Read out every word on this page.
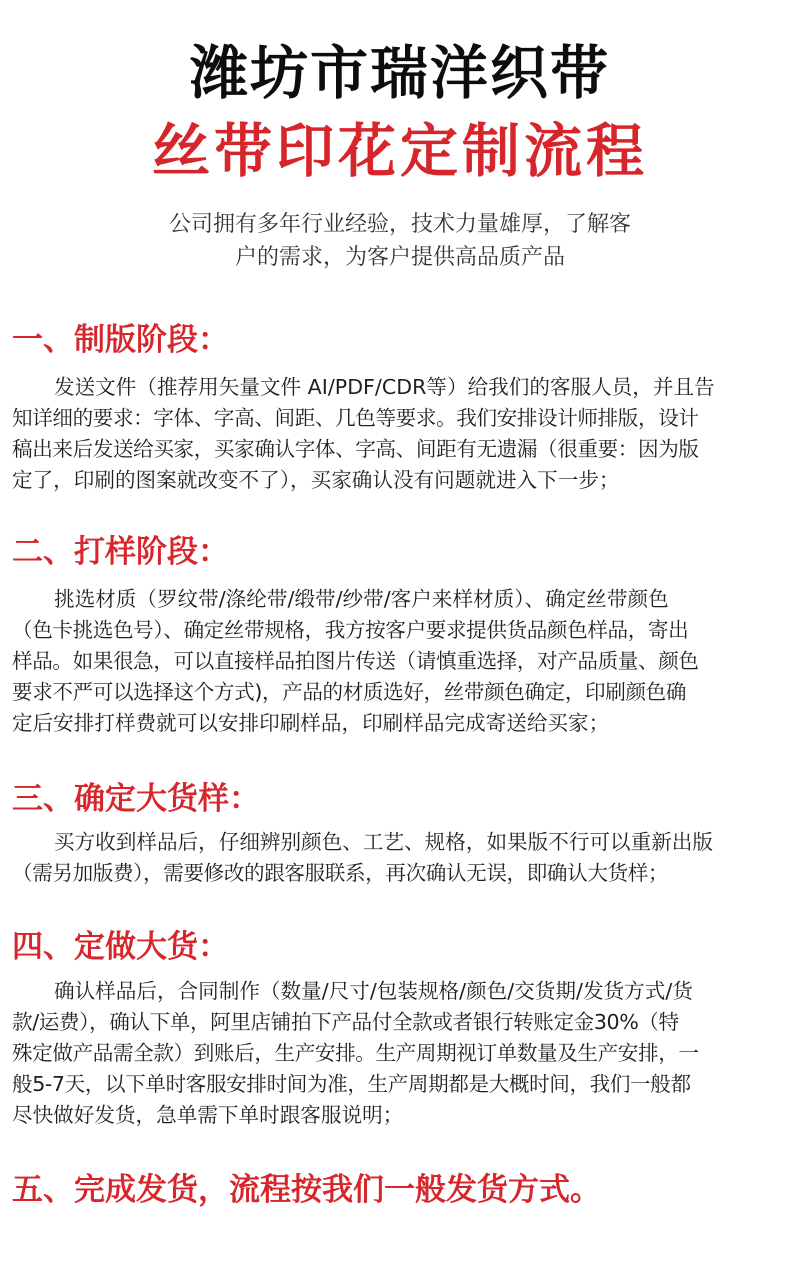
潍坊市瑞洋织带
丝带印花定制流程
公司拥有多年行业经验，技术力量雄厚，了解客
户的需求，为客户提供高品质产品
一、制版阶段：
发送文件（推荐用矢量文件 AI/PDF/CDR等）给我们的客服人员，并且告
知详细的要求：字体、字高、间距、几色等要求。我们安排设计师排版，设计
稿出来后发送给买家，买家确认字体、字高、间距有无遗漏（很重要：因为版
定了，印刷的图案就改变不了），买家确认没有问题就进入下一步；
二、打样阶段：
挑选材质（罗纹带/涤纶带/缎带/纱带/客户来样材质）、确定丝带颜色
（色卡挑选色号）、确定丝带规格，我方按客户要求提供货品颜色样品，寄出
样品。如果很急，可以直接样品拍图片传送（请慎重选择，对产品质量、颜色
要求不严可以选择这个方式)，产品的材质选好，丝带颜色确定，印刷颜色确
定后安排打样费就可以安排印刷样品，印刷样品完成寄送给买家；
三、确定大货样：
买方收到样品后，仔细辨别颜色、工艺、规格，如果版不行可以重新出版
（需另加版费），需要修改的跟客服联系，再次确认无误，即确认大货样；
四、定做大货：
确认样品后，合同制作（数量/尺寸/包装规格/颜色/交货期/发货方式/货
款/运费），确认下单，阿里店铺拍下产品付全款或者银行转账定金30%（特
殊定做产品需全款）到账后，生产安排。生产周期视订单数量及生产安排，一
般5-7天，以下单时客服安排时间为准，生产周期都是大概时间，我们一般都
尽快做好发货，急单需下单时跟客服说明；
五、完成发货，流程按我们一般发货方式。
